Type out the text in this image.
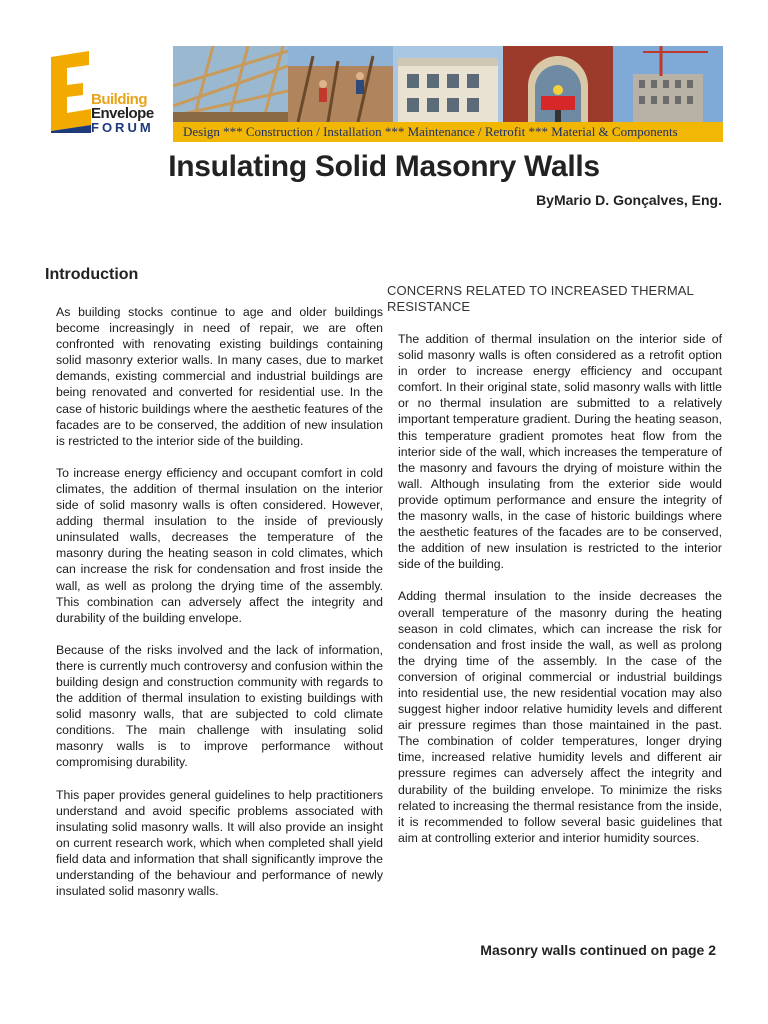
Building
Envelope
FORUM	Design *** Construction / Installation *** Maintenance / Retrofit *** Material & Components
Insulating Solid Masonry Walls
ByMario D. Gonçalves, Eng.
Introduction

As building stocks continue to age and older buildings become increasingly in need of repair, we are often confronted with renovating existing buildings containing solid masonry exterior walls. In many cases, due to market demands, existing commercial and industrial buildings are being renovated and converted for residential use. In the case of historic buildings where the aesthetic features of the facades are to be conserved, the addition of new insulation is restricted to the interior side of the building.

To increase energy efficiency and occupant comfort in cold climates, the addition of thermal insulation on the interior side of solid masonry walls is often considered. However, adding thermal insulation to the inside of previously uninsulated walls, decreases the temperature of the masonry during the heating season in cold climates, which can increase the risk for condensation and frost inside the wall, as well as prolong the drying time of the assembly. This combination can adversely affect the integrity and durability of the building envelope.

Because of the risks involved and the lack of information, there is currently much controversy and confusion within the building design and construction community with regards to the addition of thermal insulation to existing buildings with solid masonry walls, that are subjected to cold climate conditions. The main challenge with insulating solid masonry walls is to improve performance without compromising durability.

This paper provides general guidelines to help practitioners understand and avoid specific problems associated with insulating solid masonry walls. It will also provide an insight on current research work, which when completed shall yield field data and information that shall significantly improve the understanding of the behaviour and performance of newly insulated solid masonry walls.

CONCERNS RELATED TO INCREASED THERMAL RESISTANCE

The addition of thermal insulation on the interior side of solid masonry walls is often considered as a retrofit option in order to increase energy efficiency and occupant comfort. In their original state, solid masonry walls with little or no thermal insulation are submitted to a relatively important temperature gradient. During the heating season, this temperature gradient promotes heat flow from the interior side of the wall, which increases the temperature of the masonry and favours the drying of moisture within the wall. Although insulating from the exterior side would provide optimum performance and ensure the integrity of the masonry walls, in the case of historic buildings where the aesthetic features of the facades are to be conserved, the addition of new insulation is restricted to the interior side of the building.

Adding thermal insulation to the inside decreases the overall temperature of the masonry during the heating season in cold climates, which can increase the risk for condensation and frost inside the wall, as well as prolong the drying time of the assembly. In the case of the conversion of original commercial or industrial buildings into residential use, the new residential vocation may also suggest higher indoor relative humidity levels and different air pressure regimes than those maintained in the past. The combination of colder temperatures, longer drying time, increased relative humidity levels and different air pressure regimes can adversely affect the integrity and durability of the building envelope. To minimize the risks related to increasing the thermal resistance from the inside, it is recommended to follow several basic guidelines that aim at controlling exterior and interior humidity sources.

Masonry walls continued on page 2
